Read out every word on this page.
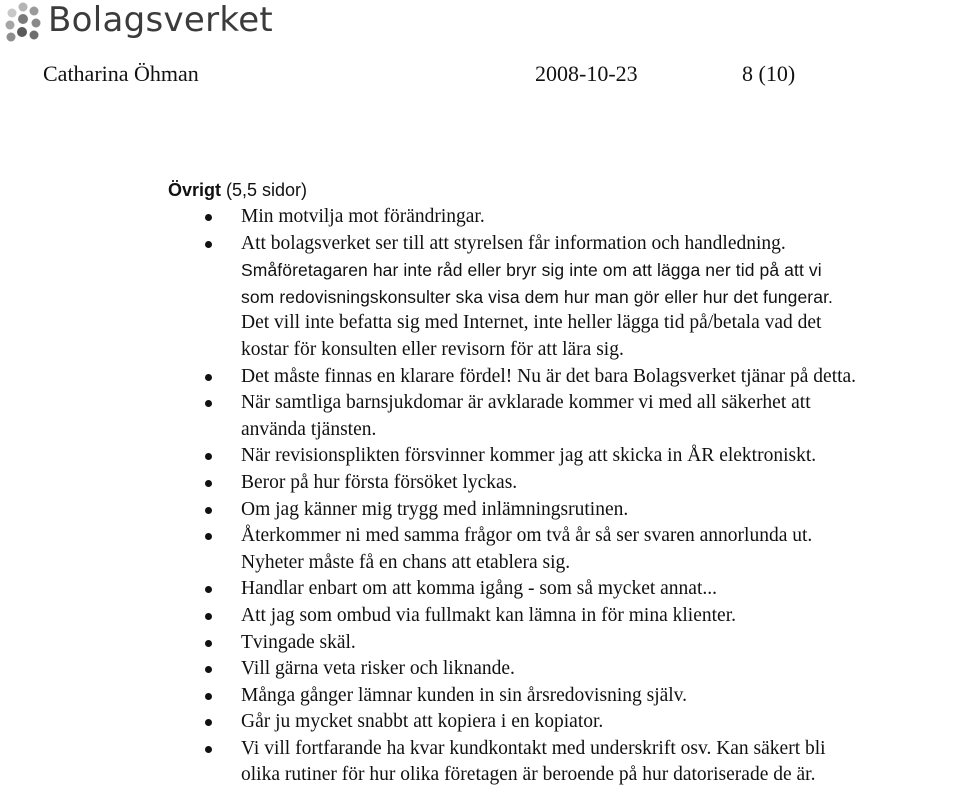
Bolagsverket
Catharina Öhman	2008-10-23	8 (10)
Övrigt (5,5 sidor)
Min motvilja mot förändringar.
Att bolagsverket ser till att styrelsen får information och handledning.
Småföretagaren har inte råd eller bryr sig inte om att lägga ner tid på att vi
som redovisningskonsulter ska visa dem hur man gör eller hur det fungerar.
Det vill inte befatta sig med Internet, inte heller lägga tid på/betala vad det
kostar för konsulten eller revisorn för att lära sig.
Det måste finnas en klarare fördel! Nu är det bara Bolagsverket tjänar på detta.
När samtliga barnsjukdomar är avklarade kommer vi med all säkerhet att
använda tjänsten.
När revisionsplikten försvinner kommer jag att skicka in ÅR elektroniskt.
Beror på hur första försöket lyckas.
Om jag känner mig trygg med inlämningsrutinen.
Återkommer ni med samma frågor om två år så ser svaren annorlunda ut.
Nyheter måste få en chans att etablera sig.
Handlar enbart om att komma igång - som så mycket annat...
Att jag som ombud via fullmakt kan lämna in för mina klienter.
Tvingade skäl.
Vill gärna veta risker och liknande.
Många gånger lämnar kunden in sin årsredovisning själv.
Går ju mycket snabbt att kopiera i en kopiator.
Vi vill fortfarande ha kvar kundkontakt med underskrift osv. Kan säkert bli
olika rutiner för hur olika företagen är beroende på hur datoriserade de är.
